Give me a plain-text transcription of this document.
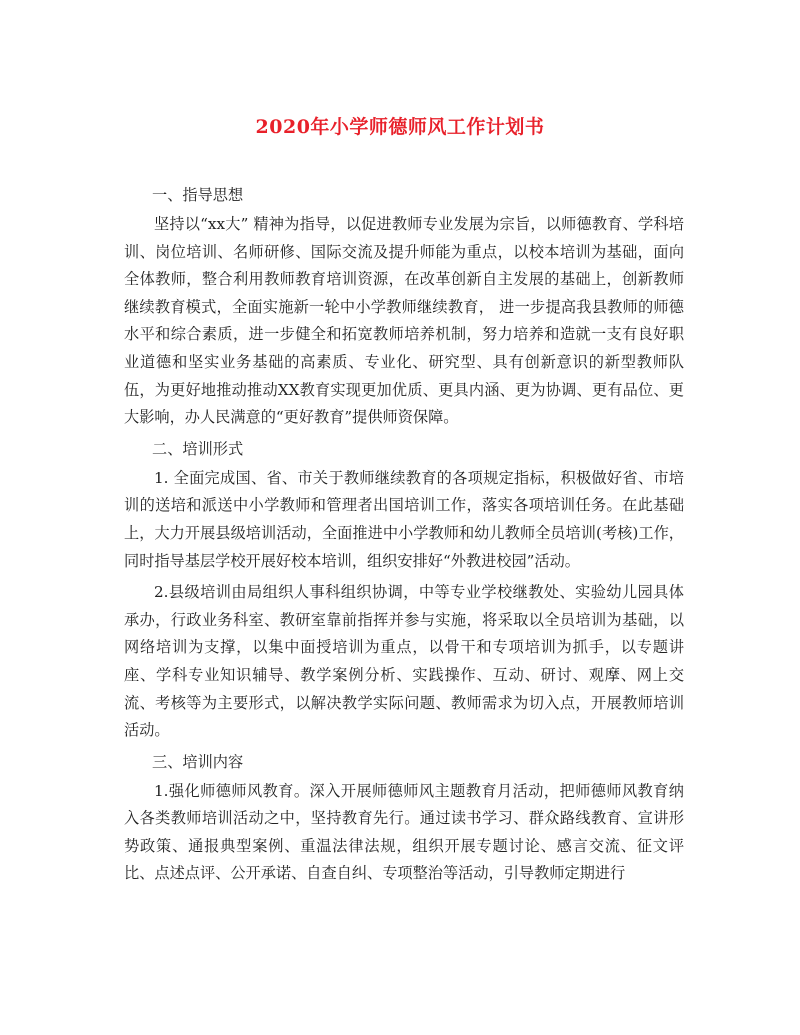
2020年小学师德师风工作计划书

一、指导思想

坚持以“xx大” 精神为指导，以促进教师专业发展为宗旨，以师德教育、学科培训、岗位培训、名师研修、国际交流及提升师能为重点，以校本培训为基础，面向全体教师，整合利用教师教育培训资源，在改革创新自主发展的基础上，创新教师继续教育模式，全面实施新一轮中小学教师继续教育， 进一步提高我县教师的师德水平和综合素质，进一步健全和拓宽教师培养机制，努力培养和造就一支有良好职业道德和坚实业务基础的高素质、专业化、研究型、具有创新意识的新型教师队伍，为更好地推动推动XX教育实现更加优质、更具内涵、更为协调、更有品位、更大影响，办人民满意的“更好教育”提供师资保障。

二、培训形式

1. 全面完成国、省、市关于教师继续教育的各项规定指标，积极做好省、市培训的送培和派送中小学教师和管理者出国培训工作，落实各项培训任务。在此基础上，大力开展县级培训活动，全面推进中小学教师和幼儿教师全员培训(考核)工作，同时指导基层学校开展好校本培训，组织安排好“外教进校园”活动。

2.县级培训由局组织人事科组织协调，中等专业学校继教处、实验幼儿园具体承办，行政业务科室、教研室靠前指挥并参与实施，将采取以全员培训为基础，以网络培训为支撑，以集中面授培训为重点，以骨干和专项培训为抓手，以专题讲座、学科专业知识辅导、教学案例分析、实践操作、互动、研讨、观摩、网上交流、考核等为主要形式，以解决教学实际问题、教师需求为切入点，开展教师培训活动。

三、培训内容

1.强化师德师风教育。深入开展师德师风主题教育月活动，把师德师风教育纳入各类教师培训活动之中，坚持教育先行。通过读书学习、群众路线教育、宣讲形势政策、通报典型案例、重温法律法规，组织开展专题讨论、感言交流、征文评比、点述点评、公开承诺、自查自纠、专项整治等活动，引导教师定期进行
